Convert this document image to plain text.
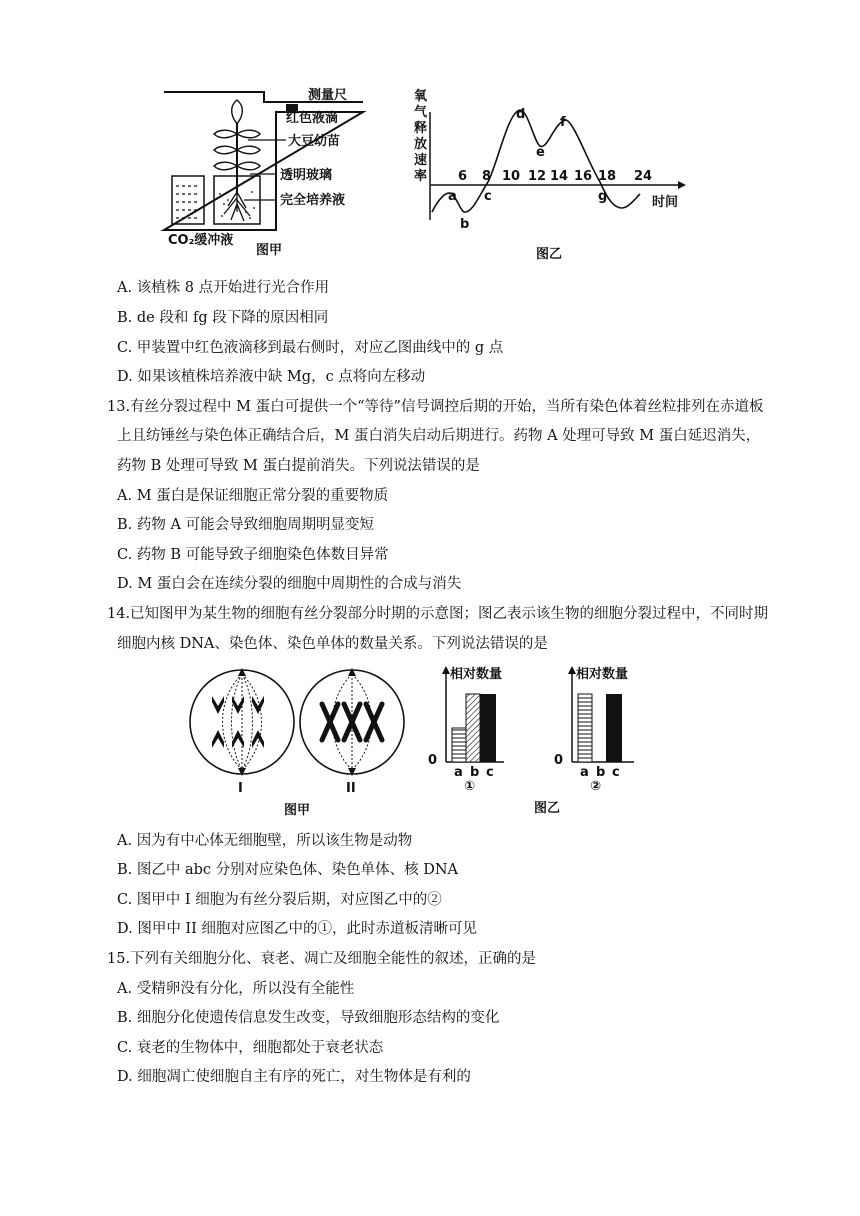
测量尺
红色液滴
大豆幼苗
透明玻璃
完全培养液
CO₂缓冲液
图甲
氧
气
释
放
速
率 6 8 10 12 14 16 18 24
a
b
c
d
e
f
g	时间
图乙
A. 该植株 8 点开始进行光合作用
B. de 段和 fg 段下降的原因相同
C. 甲装置中红色液滴移到最右侧时，对应乙图曲线中的 g 点
D. 如果该植株培养液中缺 Mg，c 点将向左移动
13.有丝分裂过程中 M 蛋白可提供一个“等待”信号调控后期的开始，当所有染色体着丝粒排列在赤道板
上且纺锤丝与染色体正确结合后，M 蛋白消失启动后期进行。药物 A 处理可导致 M 蛋白延迟消失，
药物 B 处理可导致 M 蛋白提前消失。下列说法错误的是
A. M 蛋白是保证细胞正常分裂的重要物质
B. 药物 A 可能会导致细胞周期明显变短
C. 药物 B 可能导致子细胞染色体数目异常
D. M 蛋白会在连续分裂的细胞中周期性的合成与消失
14.已知图甲为某生物的细胞有丝分裂部分时期的示意图；图乙表示该生物的细胞分裂过程中，不同时期
细胞内核 DNA、染色体、染色单体的数量关系。下列说法错误的是
I	II
图甲
相对数量
0
a b c
①
相对数量
0
a b c
②
图乙
A. 因为有中心体无细胞壁，所以该生物是动物
B. 图乙中 abc 分别对应染色体、染色单体、核 DNA
C. 图甲中 I 细胞为有丝分裂后期，对应图乙中的②
D. 图甲中 II 细胞对应图乙中的①，此时赤道板清晰可见
15.下列有关细胞分化、衰老、凋亡及细胞全能性的叙述，正确的是
A. 受精卵没有分化，所以没有全能性
B. 细胞分化使遗传信息发生改变，导致细胞形态结构的变化
C. 衰老的生物体中，细胞都处于衰老状态
D. 细胞凋亡使细胞自主有序的死亡，对生物体是有利的
